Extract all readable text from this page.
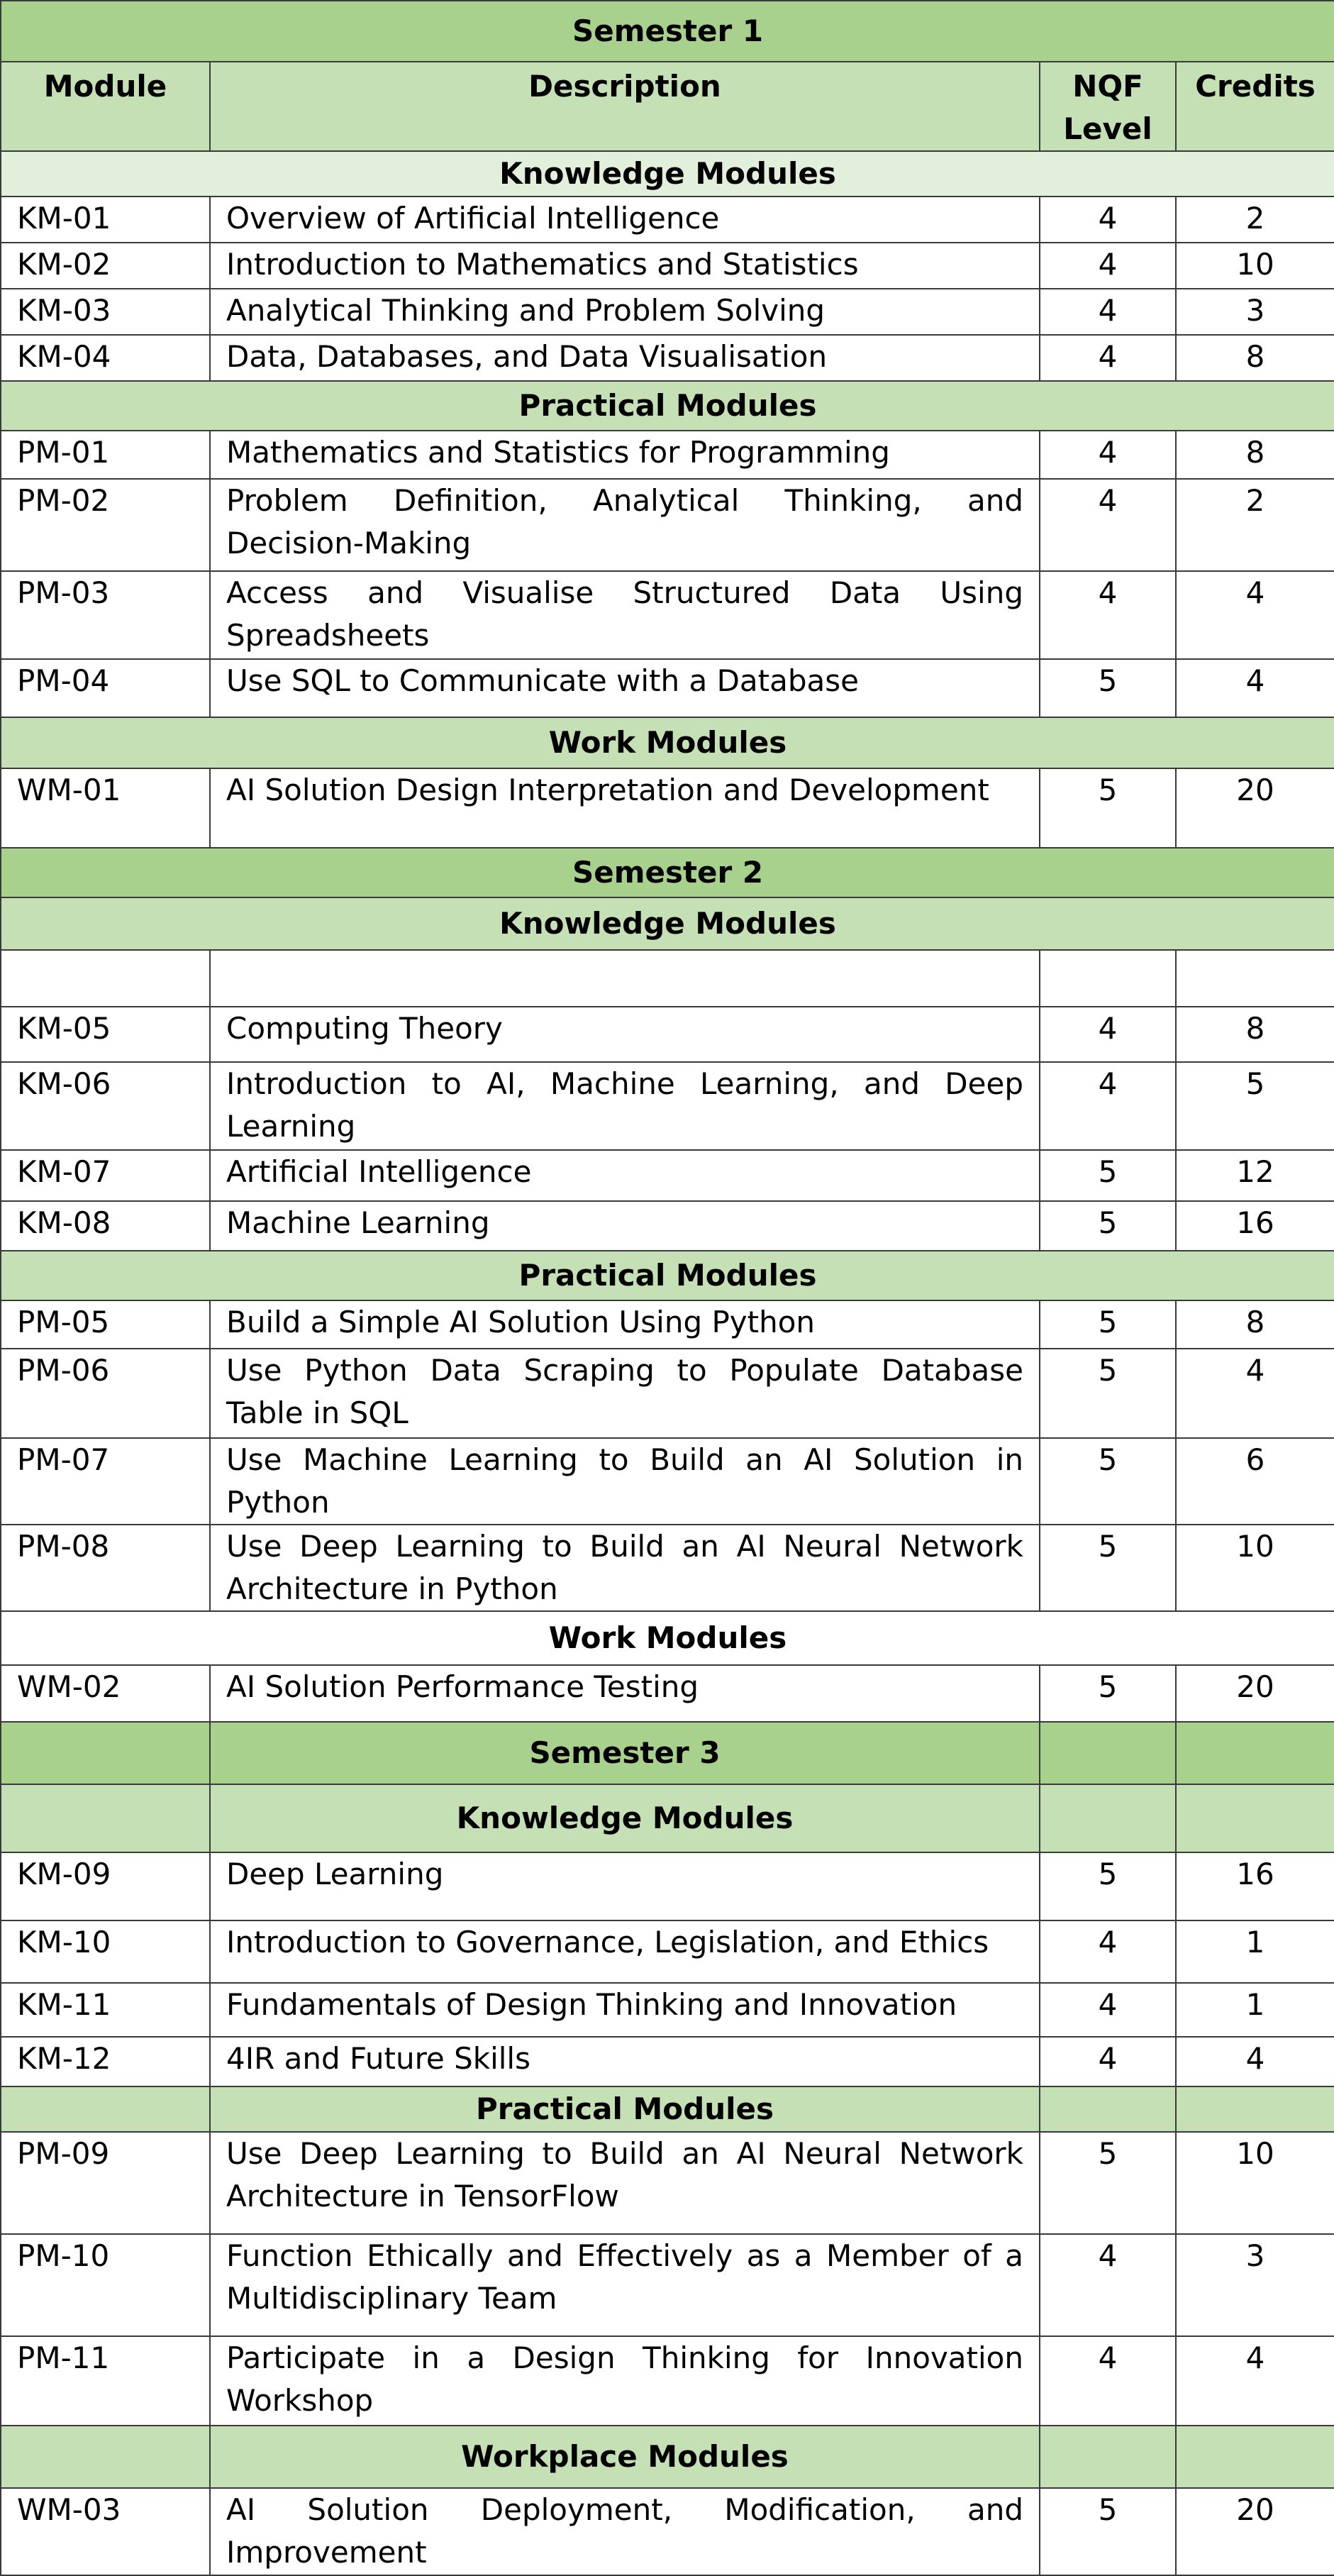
Semester 1			
Module	Description	NQF Level	Credits
Knowledge Modules			
KM-01	Overview of Artificial Intelligence	4	2
KM-02	Introduction to Mathematics and Statistics	4	10
KM-03	Analytical Thinking and Problem Solving	4	3
KM-04	Data, Databases, and Data Visualisation	4	8
Practical Modules			
PM-01	Mathematics and Statistics for Programming	4	8
PM-02	Problem Definition, Analytical Thinking, and Decision-Making	4	2
PM-03	Access and Visualise Structured Data Using Spreadsheets	4	4
PM-04	Use SQL to Communicate with a Database	5	4
Work Modules			
WM-01	AI Solution Design Interpretation and Development	5	20
Semester 2			
Knowledge Modules			

KM-05	Computing Theory	4	8
KM-06	Introduction to AI, Machine Learning, and Deep Learning	4	5
KM-07	Artificial Intelligence	5	12
KM-08	Machine Learning	5	16
Practical Modules			
PM-05	Build a Simple AI Solution Using Python	5	8
PM-06	Use Python Data Scraping to Populate Database Table in SQL	5	4
PM-07	Use Machine Learning to Build an AI Solution in Python	5	6
PM-08	Use Deep Learning to Build an AI Neural Network Architecture in Python	5	10
Work Modules			
WM-02	AI Solution Performance Testing	5	20
	Semester 3		
	Knowledge Modules		
KM-09	Deep Learning	5	16
KM-10	Introduction to Governance, Legislation, and Ethics	4	1
KM-11	Fundamentals of Design Thinking and Innovation	4	1
KM-12	4IR and Future Skills	4	4
	Practical Modules		
PM-09	Use Deep Learning to Build an AI Neural Network Architecture in TensorFlow	5	10
PM-10	Function Ethically and Effectively as a Member of a Multidisciplinary Team	4	3
PM-11	Participate in a Design Thinking for Innovation Workshop	4	4
	Workplace Modules		
WM-03	AI Solution Deployment, Modification, and Improvement	5	20
